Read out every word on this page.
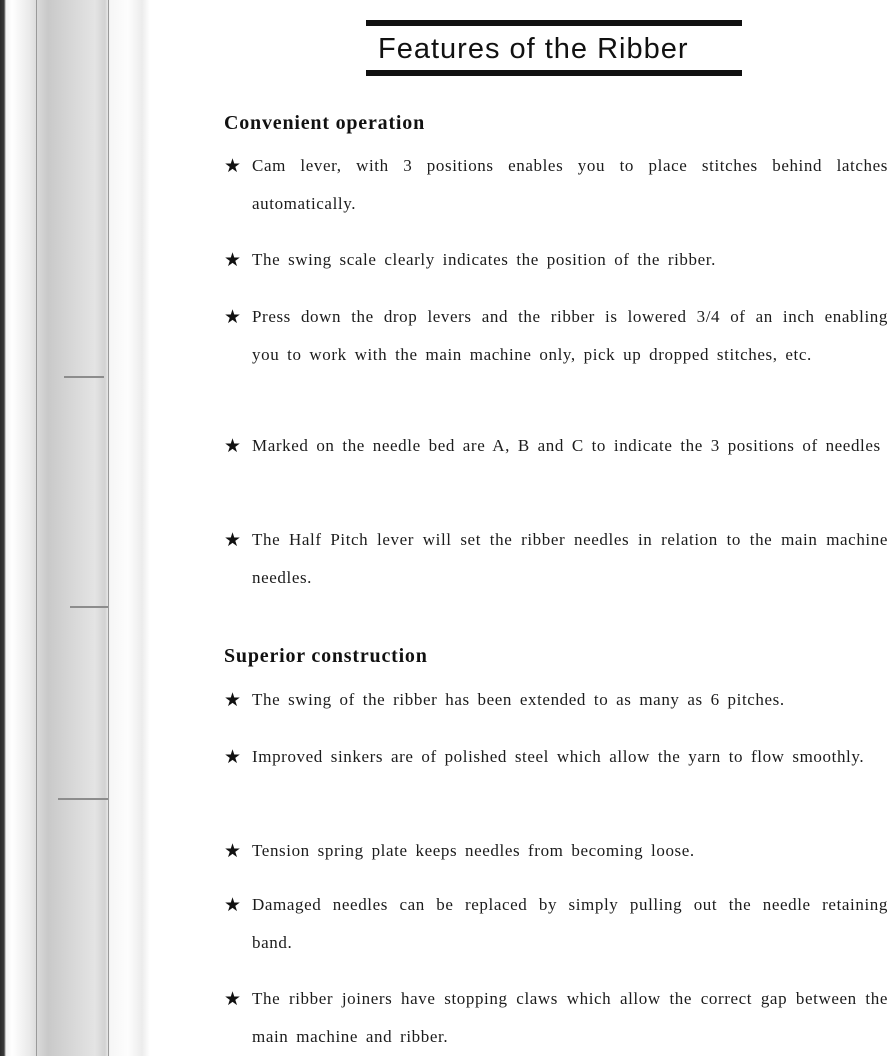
Features of the Ribber
Convenient operation
★ Cam lever, with 3 positions enables you to place stitches behind latches automatically.
★ The swing scale clearly indicates the position of the ribber.
★ Press down the drop levers and the ribber is lowered 3/4 of an inch enabling you to work with the main machine only, pick up dropped stitches, etc.
★ Marked on the needle bed are A, B and C to indicate the 3 positions of needles
★ The Half Pitch lever will set the ribber needles in relation to the main machine needles.
Superior construction
★ The swing of the ribber has been extended to as many as 6 pitches.
★ Improved sinkers are of polished steel which allow the yarn to flow smoothly.
★ Tension spring plate keeps needles from becoming loose.
★ Damaged needles can be replaced by simply pulling out the needle retaining band.
★ The ribber joiners have stopping claws which allow the correct gap between the main machine and ribber.
